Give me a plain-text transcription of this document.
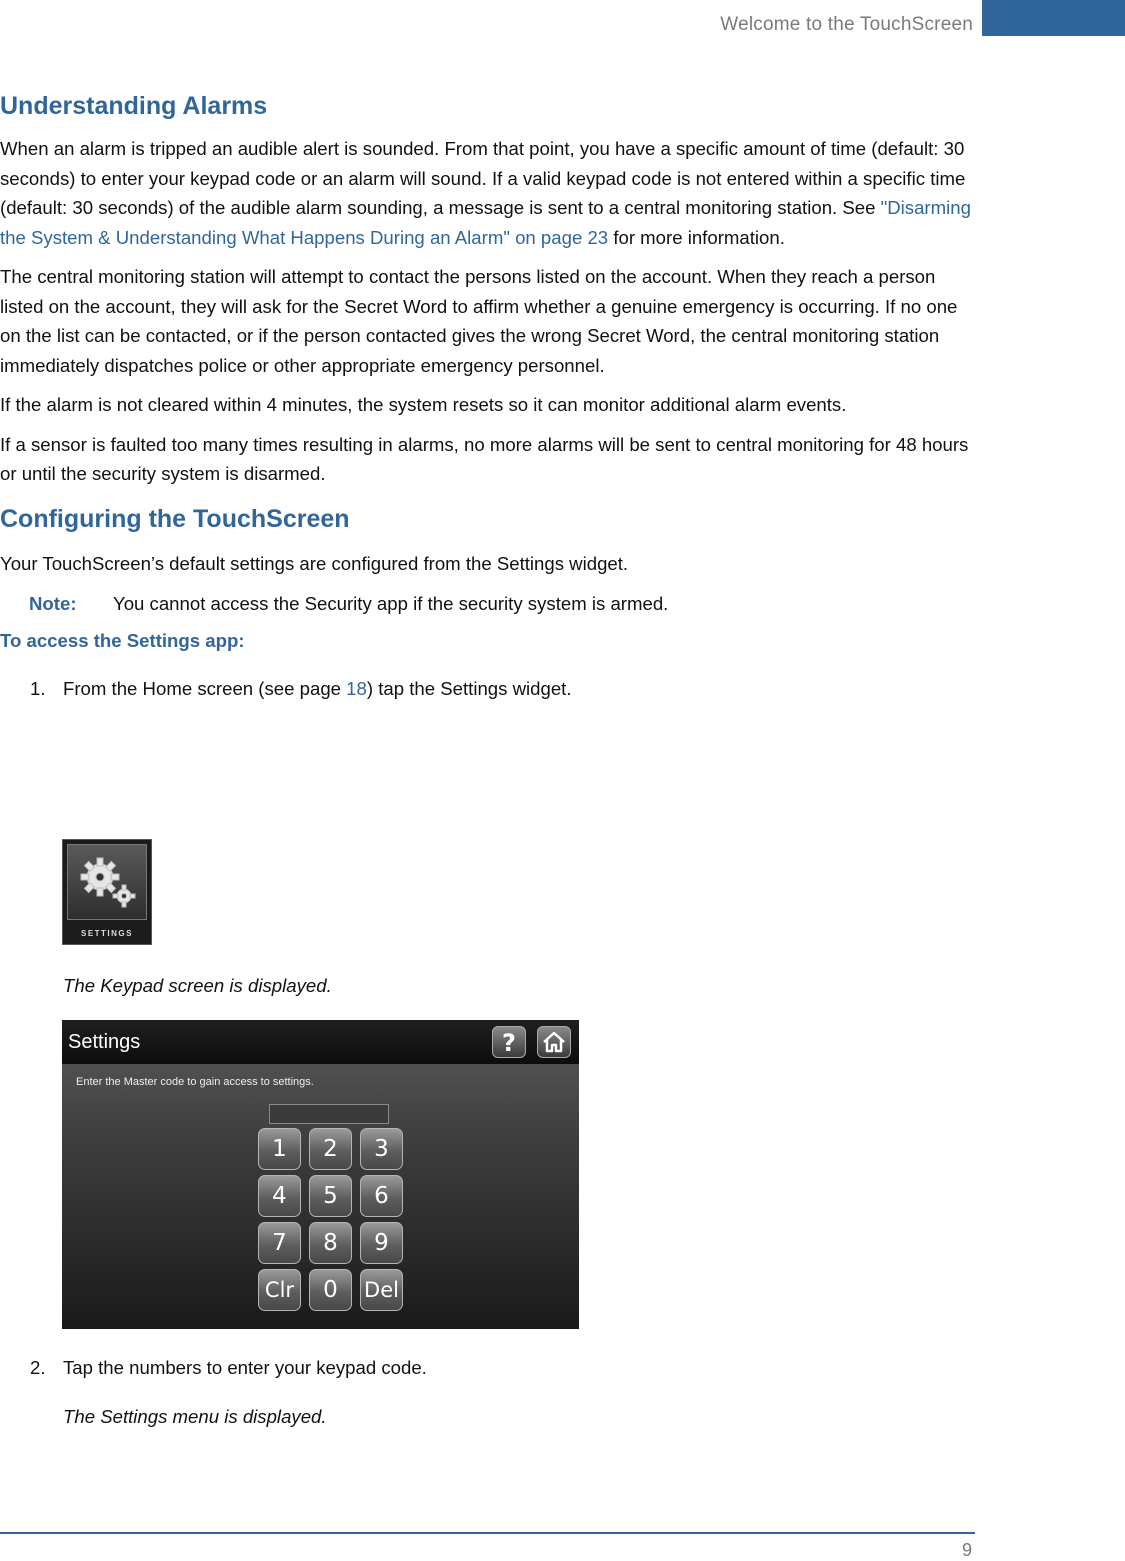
Welcome to the TouchScreen
Understanding Alarms

When an alarm is tripped an audible alert is sounded. From that point, you have a specific amount of time (default: 30 seconds) to enter your keypad code or an alarm will sound. If a valid keypad code is not entered within a specific time (default: 30 seconds) of the audible alarm sounding, a message is sent to a central monitoring station. See "Disarming the System & Understanding What Happens During an Alarm" on page 23 for more information.

The central monitoring station will attempt to contact the persons listed on the account. When they reach a person listed on the account, they will ask for the Secret Word to affirm whether a genuine emergency is occurring. If no one on the list can be contacted, or if the person contacted gives the wrong Secret Word, the central monitoring station immediately dispatches police or other appropriate emergency personnel.

If the alarm is not cleared within 4 minutes, the system resets so it can monitor additional alarm events.

If a sensor is faulted too many times resulting in alarms, no more alarms will be sent to central monitoring for 48 hours or until the security system is disarmed.

Configuring the TouchScreen

Your TouchScreen’s default settings are configured from the Settings widget.

Note:	You cannot access the Security app if the security system is armed.
To access the Settings app:
1. From the Home screen (see page 18) tap the Settings widget.
SETTINGS
The Keypad screen is displayed.
Settings	?
Enter the Master code to gain access to settings.
1	2	3
4	5	6
7	8	9
Clr	0	Del
2. Tap the numbers to enter your keypad code.
The Settings menu is displayed.
9
